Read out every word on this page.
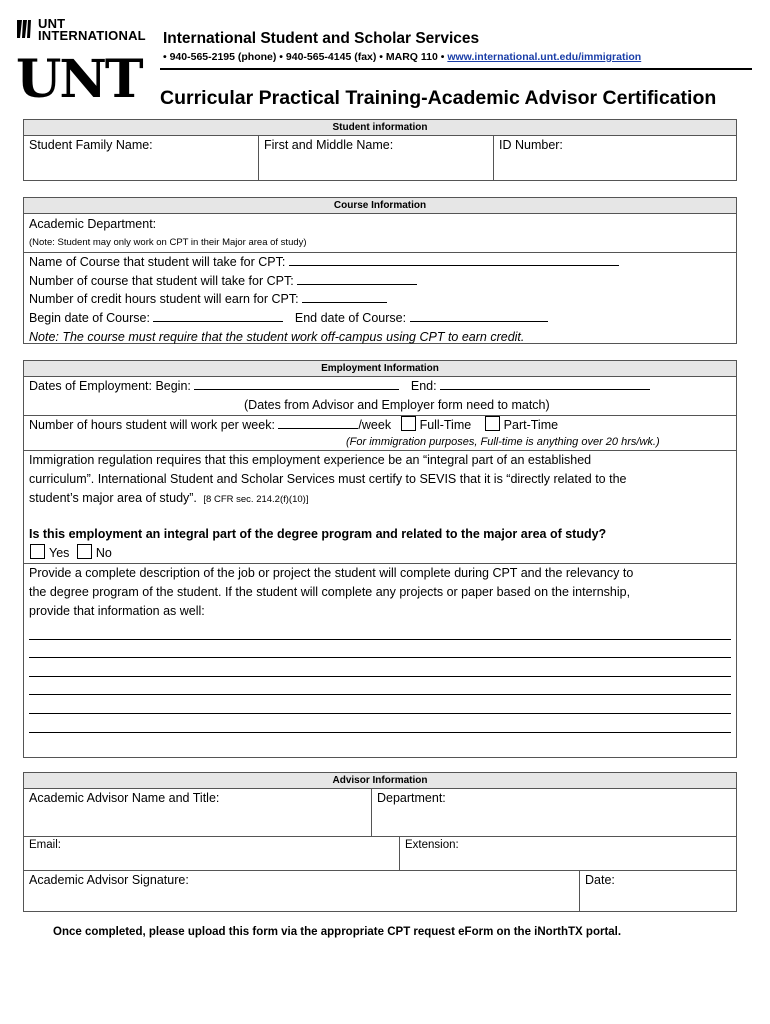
UNT
INTERNATIONAL
UNT
International Student and Scholar Services
• 940-565-2195 (phone) • 940-565-4145 (fax) • MARQ 110 • www.international.unt.edu/immigration
Curricular Practical Training-Academic Advisor Certification
Student information
Student Family Name:	First and Middle Name:	ID Number:
Course Information
Academic Department:
(Note: Student may only work on CPT in their Major area of study)
Name of Course that student will take for CPT:
Number of course that student will take for CPT:
Number of credit hours student will earn for CPT:
Begin date of Course:	End date of Course:
Note: The course must require that the student work off-campus using CPT to earn credit.
Employment Information
Dates of Employment: Begin:	End:
(Dates from Advisor and Employer form need to match)
Number of hours student will work per week:	/week Full-Time	Part-Time
(For immigration purposes, Full-time is anything over 20 hrs/wk.)
Immigration regulation requires that this employment experience be an “integral part of an established
curriculum”. International Student and Scholar Services must certify to SEVIS that it is “directly related to the
student’s major area of study”. [8 CFR sec. 214.2(f)(10)]
Is this employment an integral part of the degree program and related to the major area of study?
Yes No
Provide a complete description of the job or project the student will complete during CPT and the relevancy to
the degree program of the student. If the student will complete any projects or paper based on the internship,
provide that information as well:
Advisor Information
Academic Advisor Name and Title:	Department:
Email:	Extension:
Academic Advisor Signature:	Date:
Once completed, please upload this form via the appropriate CPT request eForm on the iNorthTX portal.
